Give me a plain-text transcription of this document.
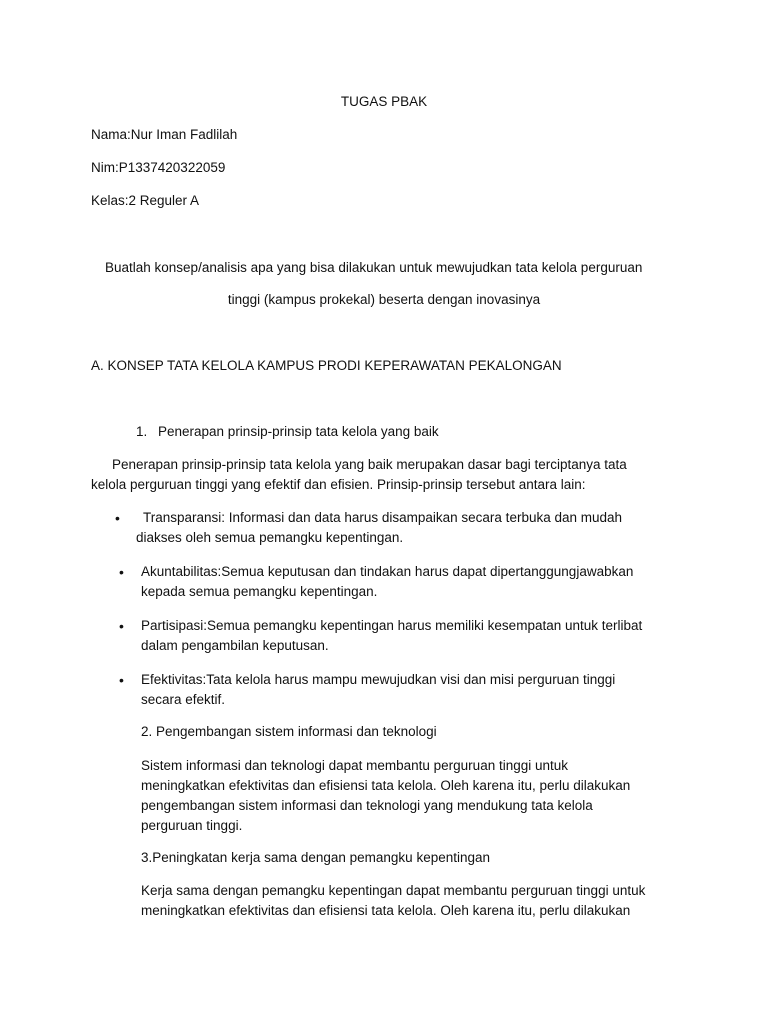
TUGAS PBAK
Nama:Nur Iman Fadlilah
Nim:P1337420322059
Kelas:2 Reguler A
Buatlah konsep/analisis apa yang bisa dilakukan untuk mewujudkan tata kelola perguruan
tinggi (kampus prokekal) beserta dengan inovasinya
A. KONSEP TATA KELOLA KAMPUS PRODI KEPERAWATAN PEKALONGAN
1. Penerapan prinsip-prinsip tata kelola yang baik
Penerapan prinsip-prinsip tata kelola yang baik merupakan dasar bagi terciptanya tata
kelola perguruan tinggi yang efektif dan efisien. Prinsip-prinsip tersebut antara lain:
• Transparansi: Informasi dan data harus disampaikan secara terbuka dan mudah
diakses oleh semua pemangku kepentingan.
• Akuntabilitas:Semua keputusan dan tindakan harus dapat dipertanggungjawabkan
kepada semua pemangku kepentingan.
• Partisipasi:Semua pemangku kepentingan harus memiliki kesempatan untuk terlibat
dalam pengambilan keputusan.
• Efektivitas:Tata kelola harus mampu mewujudkan visi dan misi perguruan tinggi
secara efektif.
2. Pengembangan sistem informasi dan teknologi
Sistem informasi dan teknologi dapat membantu perguruan tinggi untuk
meningkatkan efektivitas dan efisiensi tata kelola. Oleh karena itu, perlu dilakukan
pengembangan sistem informasi dan teknologi yang mendukung tata kelola
perguruan tinggi.
3.Peningkatan kerja sama dengan pemangku kepentingan
Kerja sama dengan pemangku kepentingan dapat membantu perguruan tinggi untuk
meningkatkan efektivitas dan efisiensi tata kelola. Oleh karena itu, perlu dilakukan
